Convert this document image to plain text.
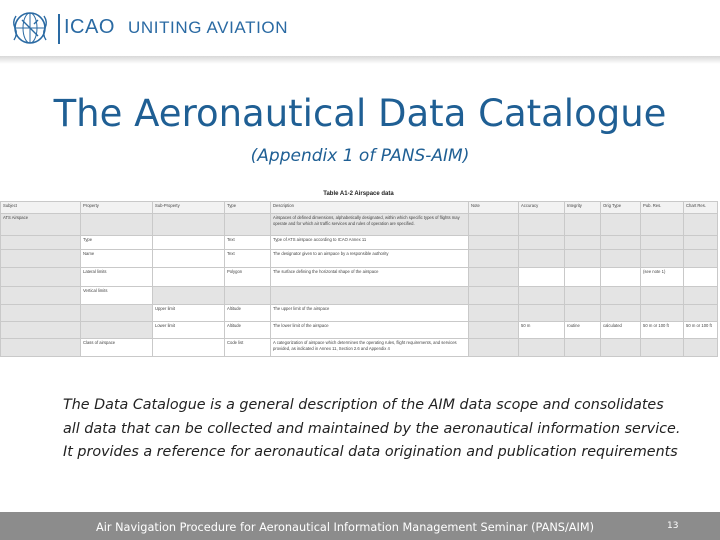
ICAO UNITING AVIATION
The Aeronautical Data Catalogue
(Appendix 1 of PANS-AIM)
Table A1-2 Airspace data
Subject	Property	Sub-Property	Type	Description	Note	Accuracy	Integrity	Orig Type	Pub. Res.	Chart Res.
ATS Airspace				Airspaces of defined dimensions, alphabetically designated, within which specific types of flights may operate and for which air traffic services and rules of operation are specified.						
	Type		Text	Type of ATS airspace according to ICAO Annex 11						
	Name		Text	The designator given to an airspace by a responsible authority						
	Lateral limits		Polygon	The surface defining the horizontal shape of the airspace					(see note 1)	
	Vertical limits									
		Upper limit	Altitude	The upper limit of the airspace						
		Lower limit	Altitude	The lower limit of the airspace		50 m	routine	calculated	50 m or 100 ft	50 m or 100 ft
	Class of airspace		Code list	A categorization of airspace which determines the operating rules, flight requirements, and services provided, as indicated in Annex 11, Section 2.6 and Appendix 4						
The Data Catalogue is a general description of the AIM data scope and consolidates all data that can be collected and maintained by the aeronautical information service. It provides a reference for aeronautical data origination and publication requirements
Air Navigation Procedure for Aeronautical Information Management Seminar (PANS/AIM)	13
